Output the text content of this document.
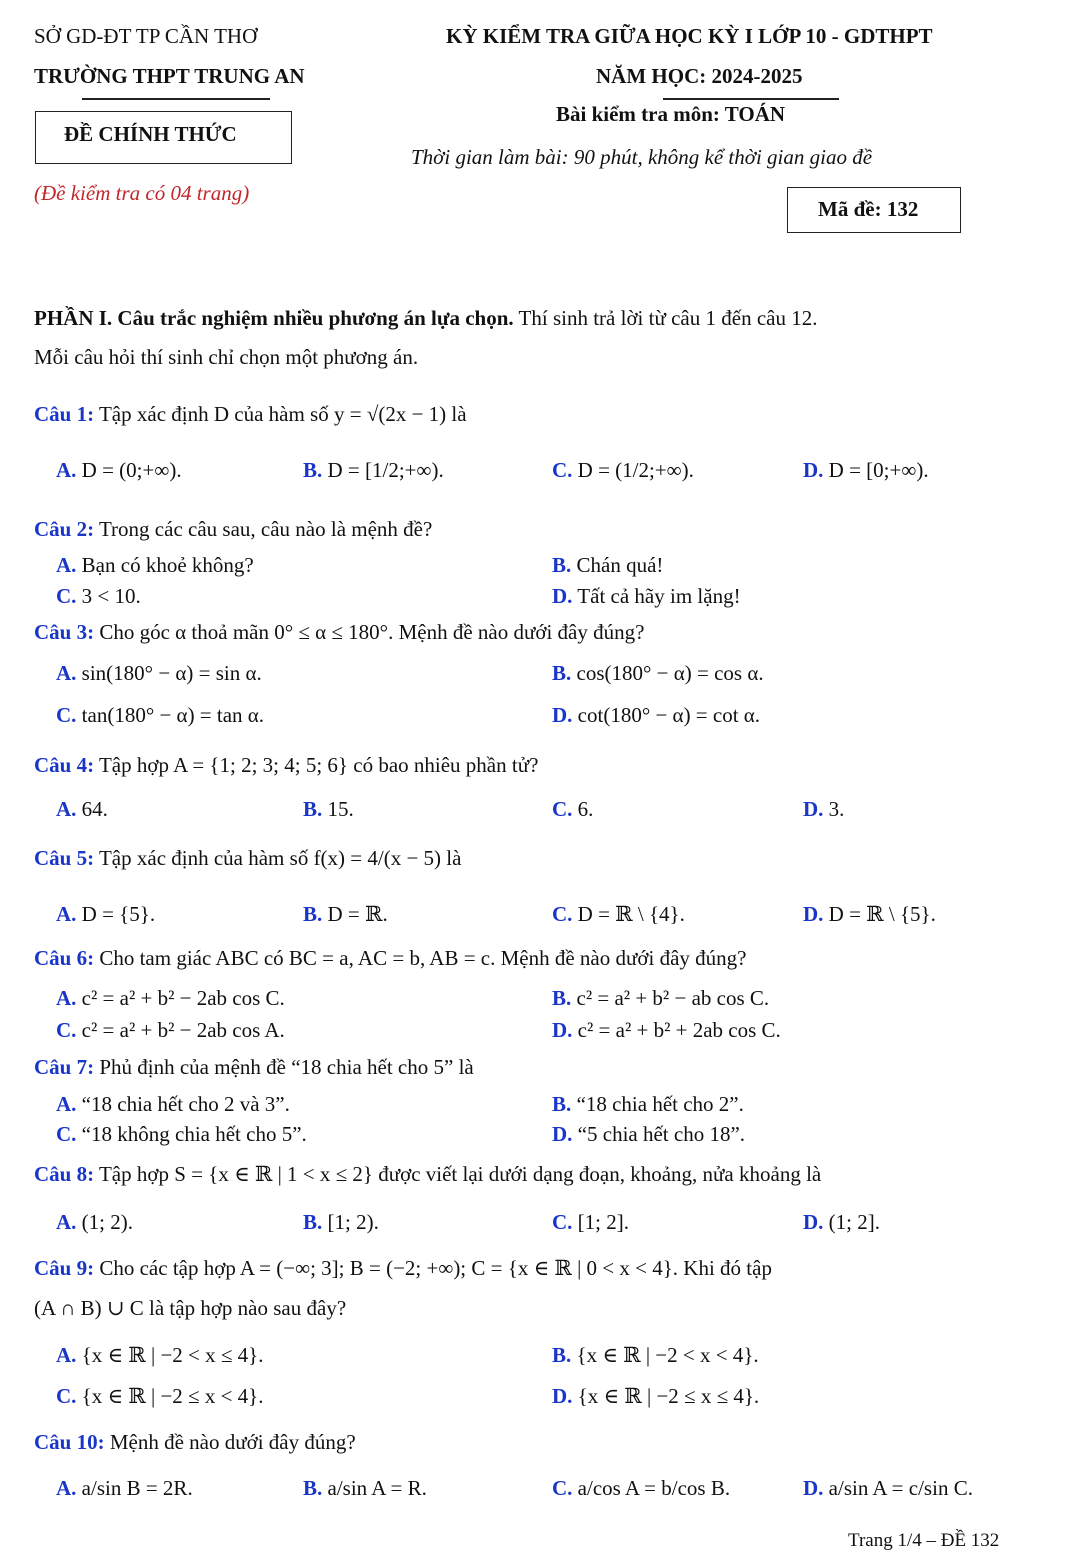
SỞ GD-ĐT TP CẦN THƠ
TRƯỜNG THPT TRUNG AN
ĐỀ CHÍNH THỨC
(Đề kiểm tra có 04 trang)
KỲ KIỂM TRA GIỮA HỌC KỲ I LỚP 10 - GDTHPT
NĂM HỌC: 2024-2025
Bài kiểm tra môn: TOÁN
Thời gian làm bài: 90 phút, không kể thời gian giao đề
Mã đề: 132
PHẦN I. Câu trắc nghiệm nhiều phương án lựa chọn. Thí sinh trả lời từ câu 1 đến câu 12.
Mỗi câu hỏi thí sinh chỉ chọn một phương án.
Câu 1: Tập xác định D của hàm số y = √(2x − 1) là
A. D = (0;+∞).	B. D = [1/2;+∞).	C. D = (1/2;+∞).	D. D = [0;+∞).
Câu 2: Trong các câu sau, câu nào là mệnh đề?
A. Bạn có khoẻ không?	B. Chán quá!
C. 3 < 10.	D. Tất cả hãy im lặng!
Câu 3: Cho góc α thoả mãn 0° ≤ α ≤ 180°. Mệnh đề nào dưới đây đúng?
A. sin(180° − α) = sin α.	B. cos(180° − α) = cos α.
C. tan(180° − α) = tan α.	D. cot(180° − α) = cot α.
Câu 4: Tập hợp A = {1; 2; 3; 4; 5; 6} có bao nhiêu phần tử?
A. 64.	B. 15.	C. 6.	D. 3.
Câu 5: Tập xác định của hàm số f(x) = 4/(x − 5) là
A. D = {5}.	B. D = ℝ.	C. D = ℝ \ {4}.	D. D = ℝ \ {5}.
Câu 6: Cho tam giác ABC có BC = a, AC = b, AB = c. Mệnh đề nào dưới đây đúng?
A. c² = a² + b² − 2ab cos C.	B. c² = a² + b² − ab cos C.
C. c² = a² + b² − 2ab cos A.	D. c² = a² + b² + 2ab cos C.
Câu 7: Phủ định của mệnh đề “18 chia hết cho 5” là
A. “18 chia hết cho 2 và 3”.	B. “18 chia hết cho 2”.
C. “18 không chia hết cho 5”.	D. “5 chia hết cho 18”.
Câu 8: Tập hợp S = {x ∈ ℝ | 1 < x ≤ 2} được viết lại dưới dạng đoạn, khoảng, nửa khoảng là
A. (1; 2).	B. [1; 2).	C. [1; 2].	D. (1; 2].
Câu 9: Cho các tập hợp A = (−∞; 3]; B = (−2; +∞); C = {x ∈ ℝ | 0 < x < 4}. Khi đó tập
(A ∩ B) ∪ C là tập hợp nào sau đây?
A. {x ∈ ℝ | −2 < x ≤ 4}.	B. {x ∈ ℝ | −2 < x < 4}.
C. {x ∈ ℝ | −2 ≤ x < 4}.	D. {x ∈ ℝ | −2 ≤ x ≤ 4}.
Câu 10: Mệnh đề nào dưới đây đúng?
A. a/sin B = 2R.	B. a/sin A = R.	C. a/cos A = b/cos B.	D. a/sin A = c/sin C.
Trang 1/4 – ĐỀ 132
